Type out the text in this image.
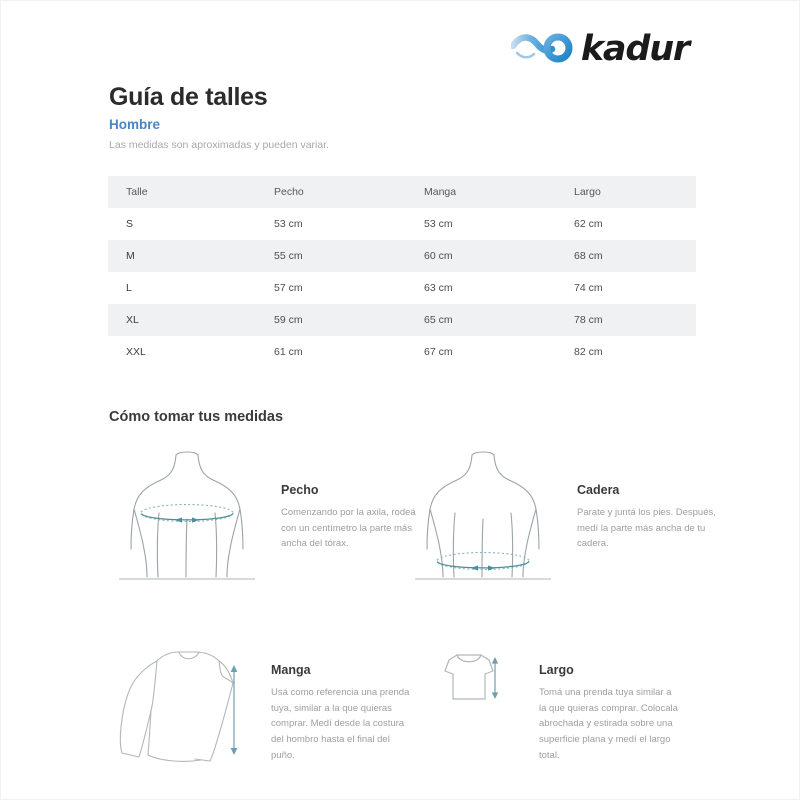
kadur
Guía de talles
Hombre

Las medidas son aproximadas y pueden variar.

Talle	Pecho	Manga	Largo
S	53 cm	53 cm	62 cm
M	55 cm	60 cm	68 cm
L	57 cm	63 cm	74 cm
XL	59 cm	65 cm	78 cm
XXL	61 cm	67 cm	82 cm
Cómo tomar tus medidas
Pecho

Comenzando por la axila, rodeá con un centímetro la parte más ancha del tórax.

Cadera

Parate y juntá los pies. Después, medí la parte más ancha de tu cadera.

Manga

Usá como referencia una prenda tuya, similar a la que quieras comprar. Medí desde la costura del hombro hasta el final del puño.

Largo

Tomá una prenda tuya similar a la que quieras comprar. Colocala abrochada y estirada sobre una superficie plana y medí el largo total.
